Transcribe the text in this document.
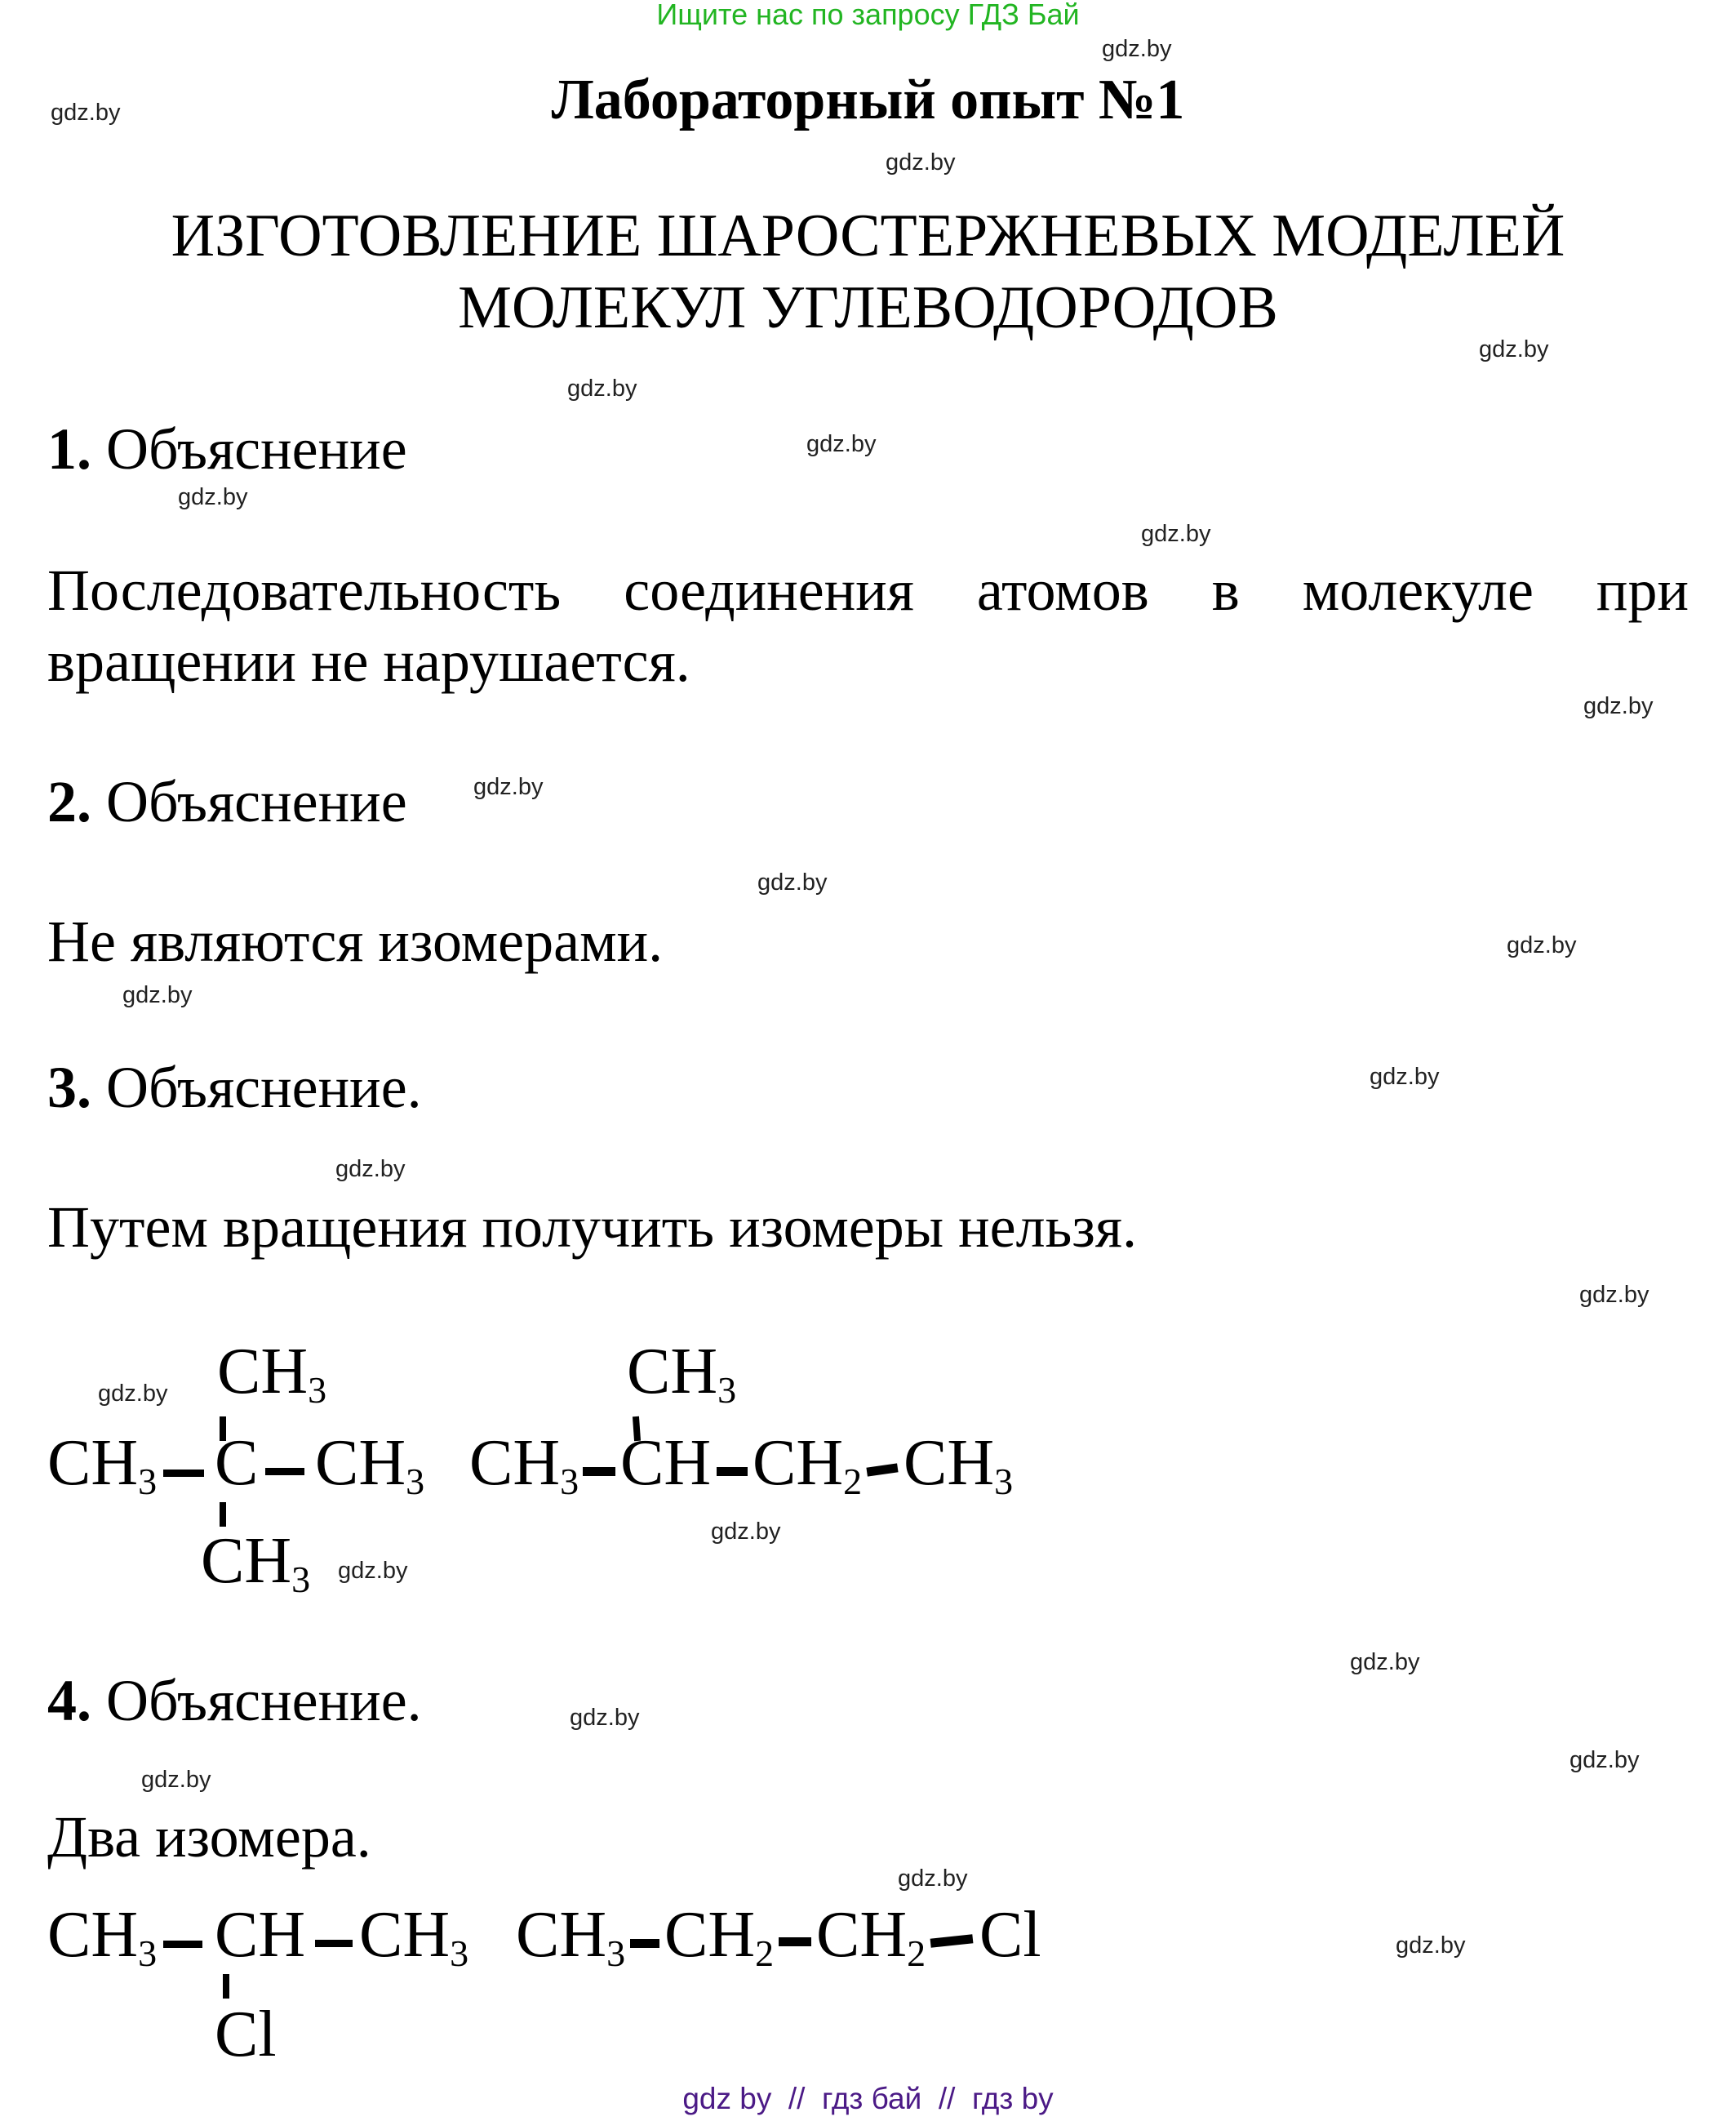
Ищите нас по запросу ГДЗ Бай
Лабораторный опыт №1
ИЗГОТОВЛЕНИЕ ШАРОСТЕРЖНЕВЫХ МОДЕЛЕЙ
МОЛЕКУЛ УГЛЕВОДОРОДОВ
1. Объяснение
Последовательность соединения атомов в молекуле при вращении не нарушается.
2. Объяснение
Не являются изомерами.
3. Объяснение.
Путем вращения получить изомеры нельзя.
$CH_3$
$CH_3$ C $CH_3$
$CH_3$
$CH_3$
$CH_3$ CH $CH_2$ $CH_3$
4. Объяснение.
Два изомера.
$CH_3$ CH $CH_3$
Cl
$CH_3$ $CH_2$ $CH_2$ Cl
gdz.by
gdz.by
gdz.by
gdz.by
gdz.by
gdz.by
gdz.by
gdz.by
gdz.by
gdz.by
gdz.by
gdz.by
gdz.by
gdz.by
gdz.by
gdz.by
gdz.by
gdz.by
gdz.by
gdz.by
gdz.by
gdz.by
gdz.by
gdz.by
gdz.by
gdz by  //  гдз бай  //  гдз by
